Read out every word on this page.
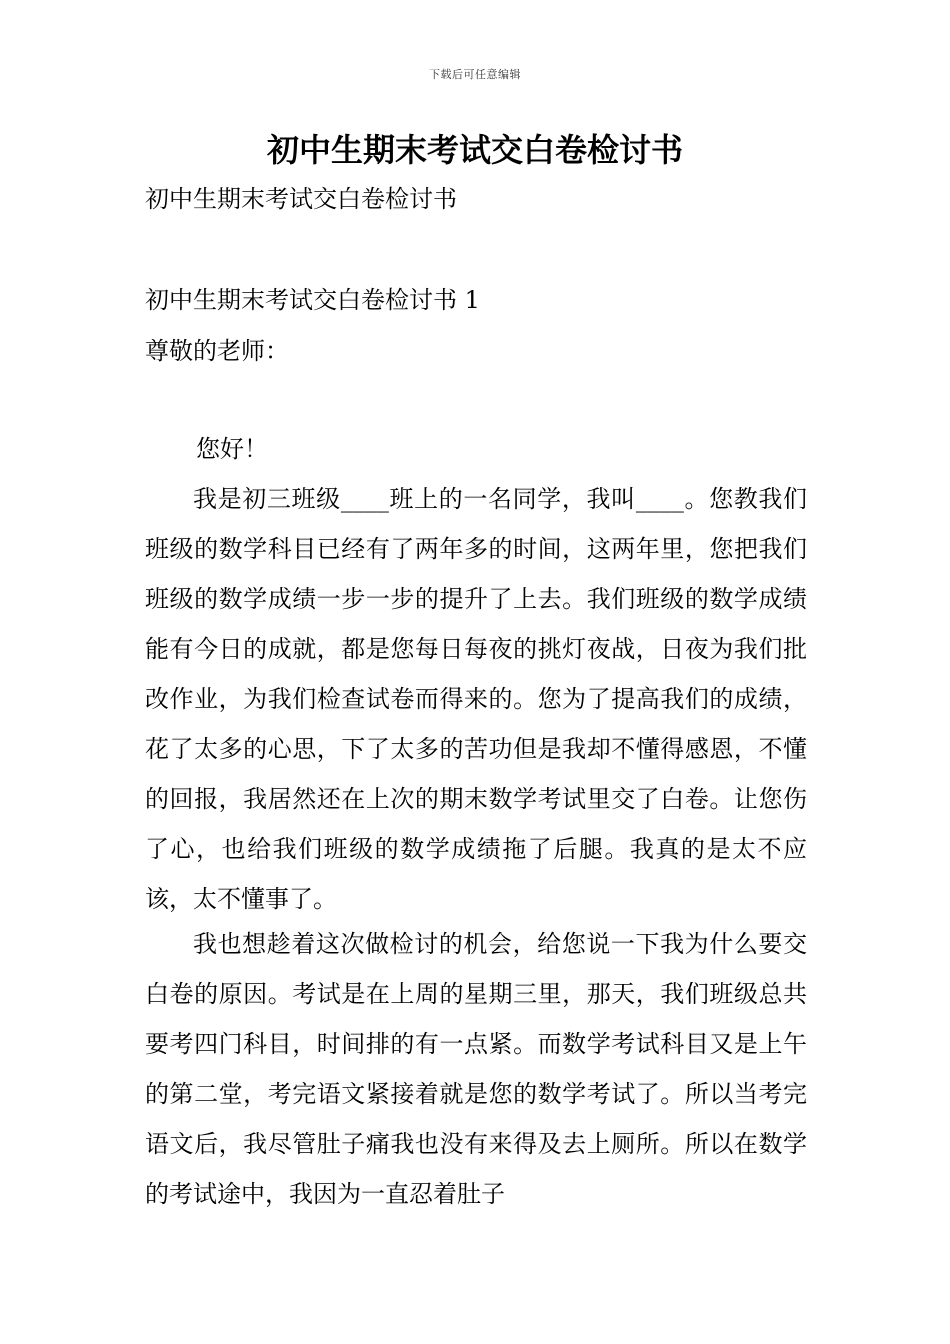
下载后可任意编辑
初中生期末考试交白卷检讨书
初中生期末考试交白卷检讨书
初中生期末考试交白卷检讨书 1
尊敬的老师：
您好！

我是初三班级____班上的一名同学，我叫____。您教我们班级的数学科目已经有了两年多的时间，这两年里，您把我们班级的数学成绩一步一步的提升了上去。我们班级的数学成绩能有今日的成就，都是您每日每夜的挑灯夜战，日夜为我们批改作业，为我们检查试卷而得来的。您为了提高我们的成绩，花了太多的心思，下了太多的苦功但是我却不懂得感恩，不懂的回报，我居然还在上次的期末数学考试里交了白卷。让您伤了心，也给我们班级的数学成绩拖了后腿。我真的是太不应该，太不懂事了。

我也想趁着这次做检讨的机会，给您说一下我为什么要交白卷的原因。考试是在上周的星期三里，那天，我们班级总共要考四门科目，时间排的有一点紧。而数学考试科目又是上午的第二堂，考完语文紧接着就是您的数学考试了。所以当考完语文后，我尽管肚子痛我也没有来得及去上厕所。所以在数学的考试途中，我因为一直忍着肚子
